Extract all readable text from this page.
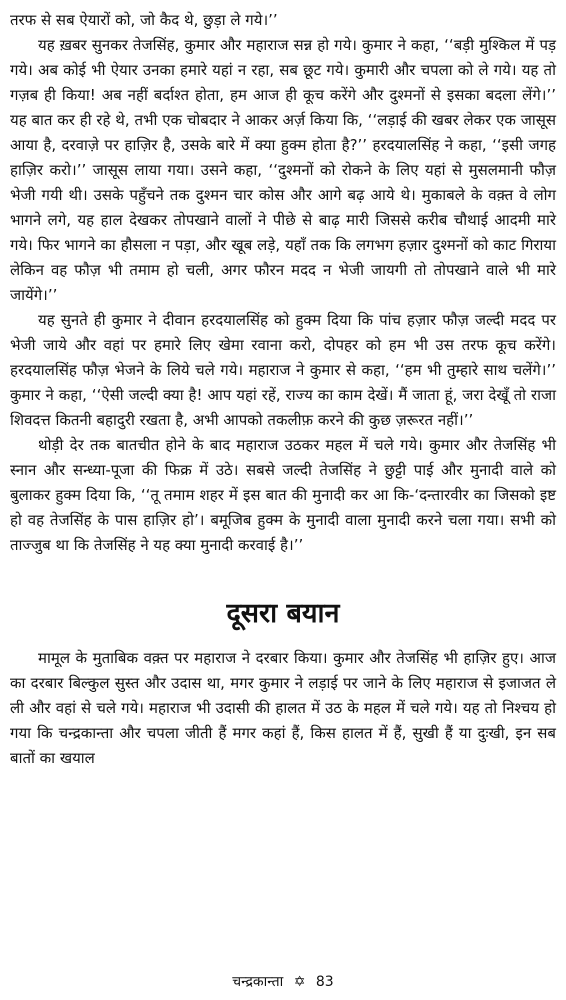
तरफ से सब ऐयारों को, जो कैद थे, छुड़ा ले गये।’’

यह ख़बर सुनकर तेजसिंह, कुमार और महाराज सन्न हो गये। कुमार ने कहा, ‘‘बड़ी मुश्किल में पड़ गये। अब कोई भी ऐयार उनका हमारे यहां न रहा, सब छूट गये। कुमारी और चपला को ले गये। यह तो गज़ब ही किया! अब नहीं बर्दाश्त होता, हम आज ही कूच करेंगे और दुश्मनों से इसका बदला लेंगे।’’ यह बात कर ही रहे थे, तभी एक चोबदार ने आकर अर्ज़ किया कि, ‘‘लड़ाई की खबर लेकर एक जासूस आया है, दरवाज़े पर हाज़िर है, उसके बारे में क्या हुक्म होता है?’’ हरदयालसिंह ने कहा, ‘‘इसी जगह हाज़िर करो।’’ जासूस लाया गया। उसने कहा, ‘‘दुश्मनों को रोकने के लिए यहां से मुसलमानी फौज़ भेजी गयी थी। उसके पहुँचने तक दुश्मन चार कोस और आगे बढ़ आये थे। मुकाबले के वक़्त वे लोग भागने लगे, यह हाल देखकर तोपखाने वालों ने पीछे से बाढ़ मारी जिससे करीब चौथाई आदमी मारे गये। फिर भागने का हौसला न पड़ा, और खूब लड़े, यहाँ तक कि लगभग हज़ार दुश्मनों को काट गिराया लेकिन वह फौज़ भी तमाम हो चली, अगर फौरन मदद न भेजी जायगी तो तोपखाने वाले भी मारे जायेंगे।’’

यह सुनते ही कुमार ने दीवान हरदयालसिंह को हुक्म दिया कि पांच हज़ार फौज़ जल्दी मदद पर भेजी जाये और वहां पर हमारे लिए खेमा रवाना करो, दोपहर को हम भी उस तरफ कूच करेंगे। हरदयालसिंह फौज़ भेजने के लिये चले गये। महाराज ने कुमार से कहा, ‘‘हम भी तुम्हारे साथ चलेंगे।’’ कुमार ने कहा, ‘‘ऐसी जल्दी क्या है! आप यहां रहें, राज्य का काम देखें। मैं जाता हूं, जरा देखूँ तो राजा शिवदत्त कितनी बहादुरी रखता है, अभी आपको तकलीफ़ करने की कुछ ज़रूरत नहीं।’’

थोड़ी देर तक बातचीत होने के बाद महाराज उठकर महल में चले गये। कुमार और तेजसिंह भी स्नान और सन्ध्या-पूजा की फिक्र में उठे। सबसे जल्दी तेजसिंह ने छुट्टी पाई और मुनादी वाले को बुलाकर हुक्म दिया कि, ‘‘तू तमाम शहर में इस बात की मुनादी कर आ कि-‘दन्तारवीर का जिसको इष्ट हो वह तेजसिंह के पास हाज़िर हो’। बमूजिब हुक्म के मुनादी वाला मुनादी करने चला गया। सभी को ताज्जुब था कि तेजसिंह ने यह क्या मुनादी करवाई है।’’

दूसरा बयान

मामूल के मुताबिक वक़्त पर महाराज ने दरबार किया। कुमार और तेजसिंह भी हाज़िर हुए। आज का दरबार बिल्कुल सुस्त और उदास था, मगर कुमार ने लड़ाई पर जाने के लिए महाराज से इजाजत ले ली और वहां से चले गये। महाराज भी उदासी की हालत में उठ के महल में चले गये। यह तो निश्चय हो गया कि चन्द्रकान्ता और चपला जीती हैं मगर कहां हैं, किस हालत में हैं, सुखी हैं या दुःखी, इन सब बातों का खयाल

चन्द्रकान्ता ✡ 83
